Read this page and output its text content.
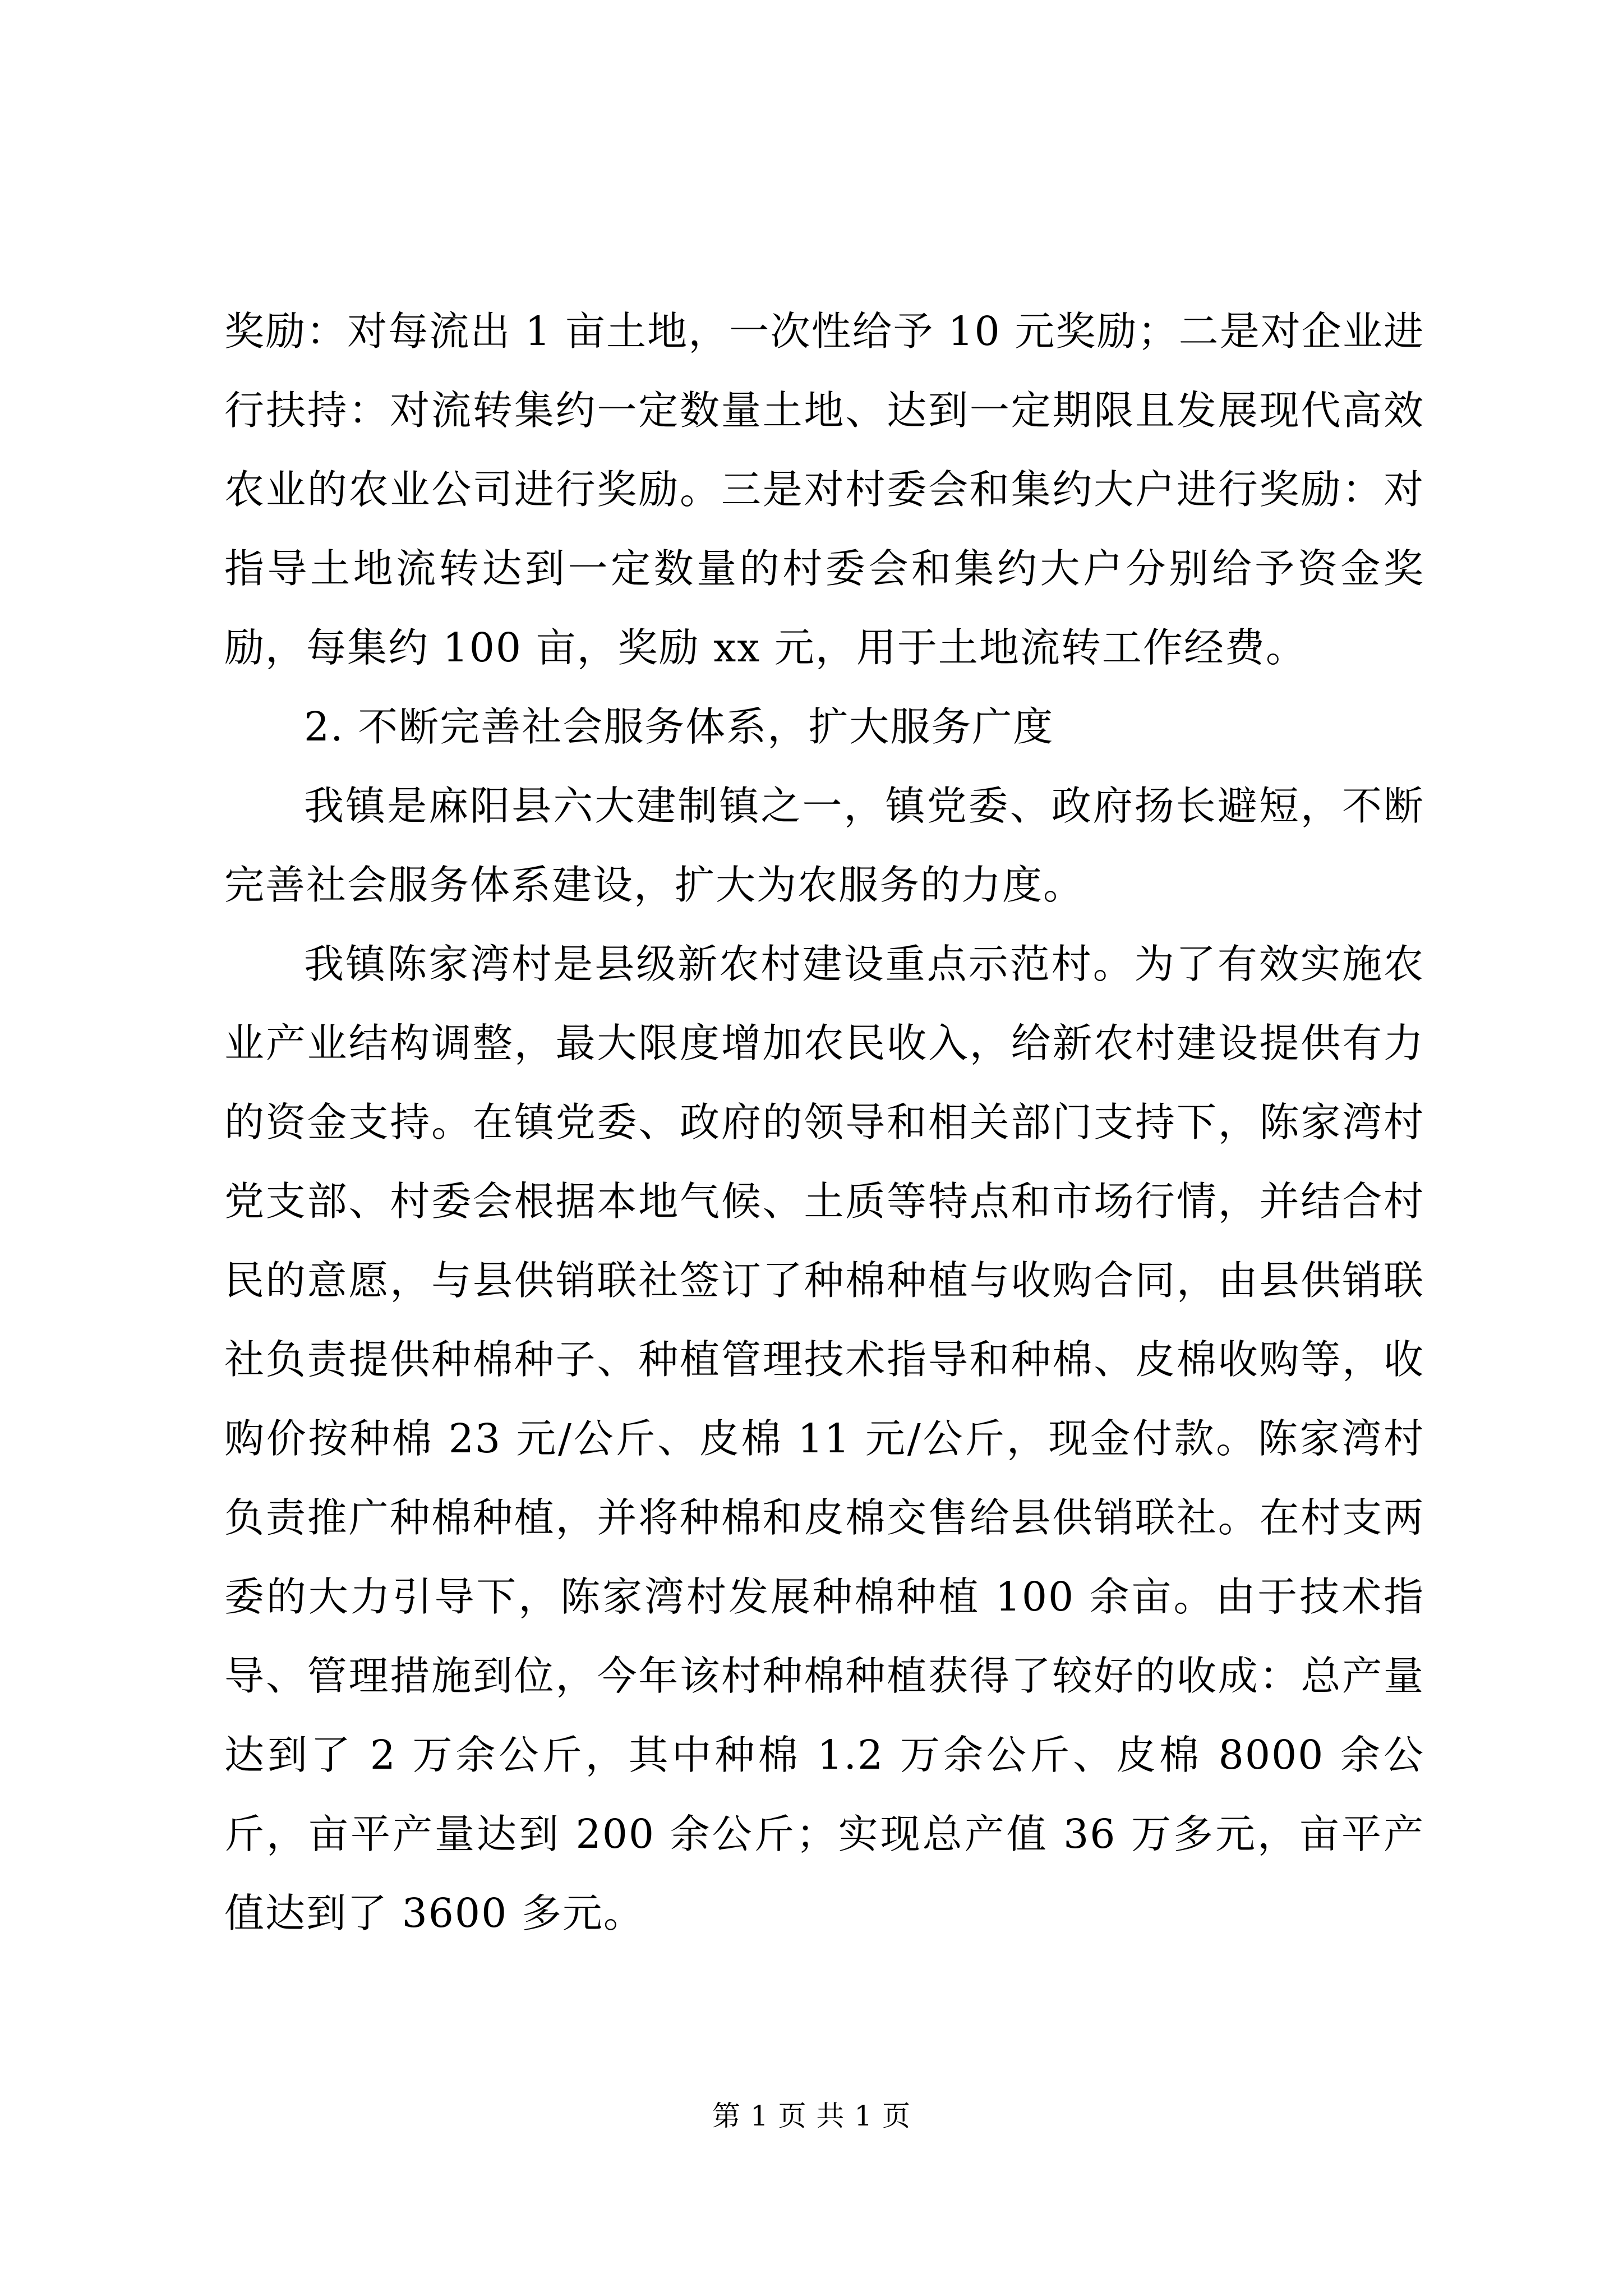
奖励：对每流出 1 亩土地，一次性给予 10 元奖励；二是对企业进行扶持：对流转集约一定数量土地、达到一定期限且发展现代高效农业的农业公司进行奖励。三是对村委会和集约大户进行奖励：对指导土地流转达到一定数量的村委会和集约大户分别给予资金奖励，每集约 100 亩，奖励 xx 元，用于土地流转工作经费。

2. 不断完善社会服务体系，扩大服务广度

我镇是麻阳县六大建制镇之一，镇党委、政府扬长避短，不断完善社会服务体系建设，扩大为农服务的力度。

我镇陈家湾村是县级新农村建设重点示范村。为了有效实施农业产业结构调整，最大限度增加农民收入，给新农村建设提供有力的资金支持。在镇党委、政府的领导和相关部门支持下，陈家湾村党支部、村委会根据本地气候、土质等特点和市场行情，并结合村民的意愿，与县供销联社签订了种棉种植与收购合同，由县供销联社负责提供种棉种子、种植管理技术指导和种棉、皮棉收购等，收购价按种棉 23 元/公斤、皮棉 11 元/公斤，现金付款。陈家湾村负责推广种棉种植，并将种棉和皮棉交售给县供销联社。在村支两委的大力引导下，陈家湾村发展种棉种植 100 余亩。由于技术指导、管理措施到位，今年该村种棉种植获得了较好的收成：总产量达到了 2 万余公斤，其中种棉 1.2 万余公斤、皮棉 8000 余公斤，亩平产量达到 200 余公斤；实现总产值 36 万多元，亩平产值达到了 3600 多元。

第 1 页 共 1 页
